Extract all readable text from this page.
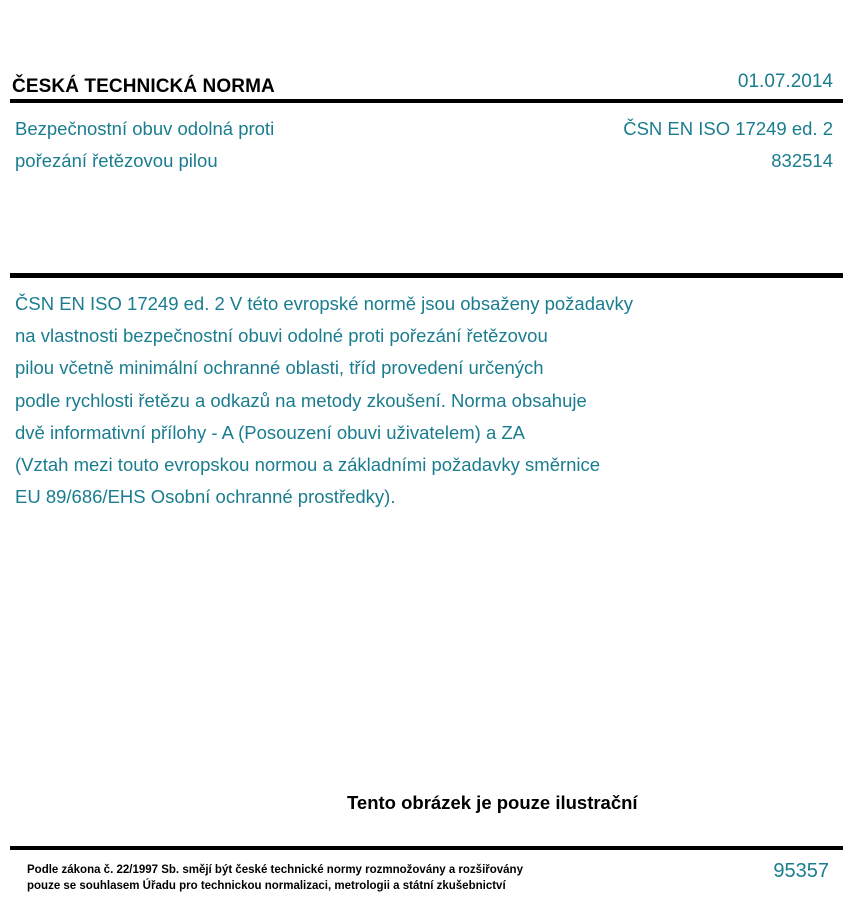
ČESKÁ TECHNICKÁ NORMA	01.07.2014
Bezpečnostní obuv odolná proti
pořezání řetězovou pilou
ČSN EN ISO 17249 ed. 2
832514
ČSN EN ISO 17249 ed. 2 V této evropské normě jsou obsaženy požadavky
na vlastnosti bezpečnostní obuvi odolné proti pořezání řetězovou
pilou včetně minimální ochranné oblasti, tříd provedení určených
podle rychlosti řetězu a odkazů na metody zkoušení. Norma obsahuje
dvě informativní přílohy - A (Posouzení obuvi uživatelem) a ZA
(Vztah mezi touto evropskou normou a základními požadavky směrnice
EU 89/686/EHS Osobní ochranné prostředky).
Tento obrázek je pouze ilustrační
Podle zákona č. 22/1997 Sb. smějí být české technické normy rozmnožovány a rozšiřovány
pouze se souhlasem Úřadu pro technickou normalizaci, metrologii a státní zkušebnictví
95357
